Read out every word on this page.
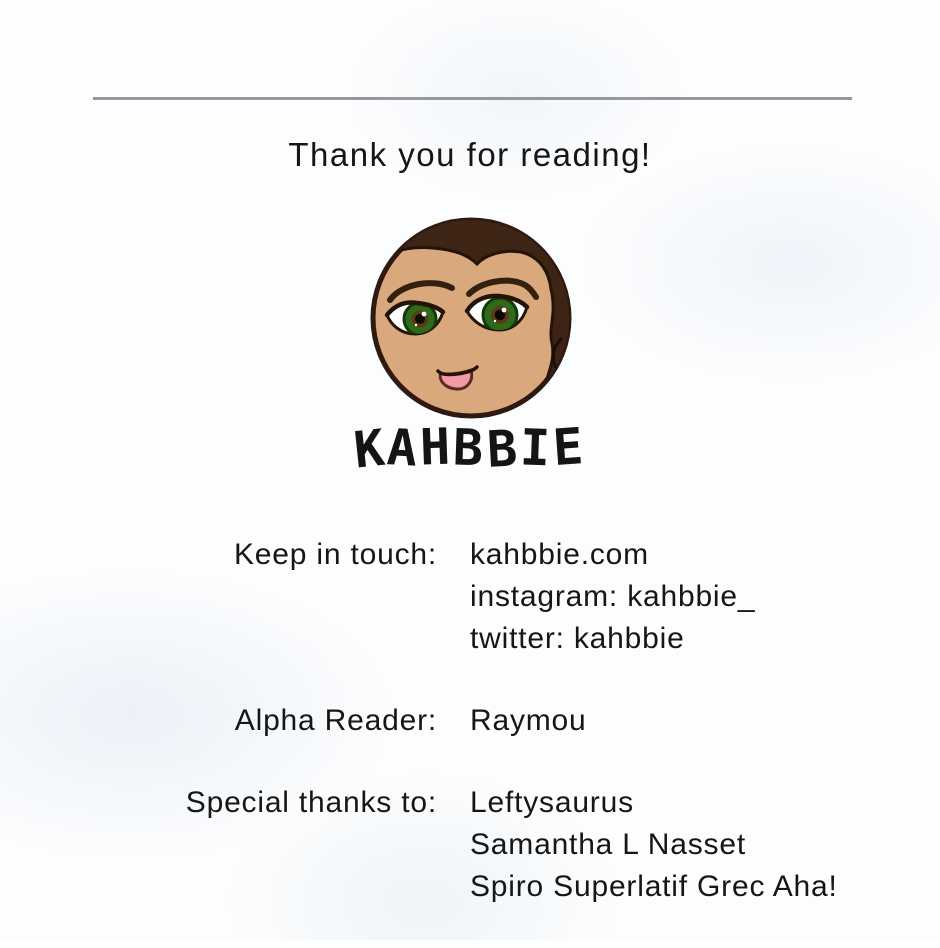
Thank you for reading!
KAHBBIE
Keep in touch: kahbbie.com
instagram: kahbbie_
twitter: kahbbie
Alpha Reader: Raymou
Special thanks to: Leftysaurus
Samantha L Nasset
Spiro Superlatif Grec Aha!
